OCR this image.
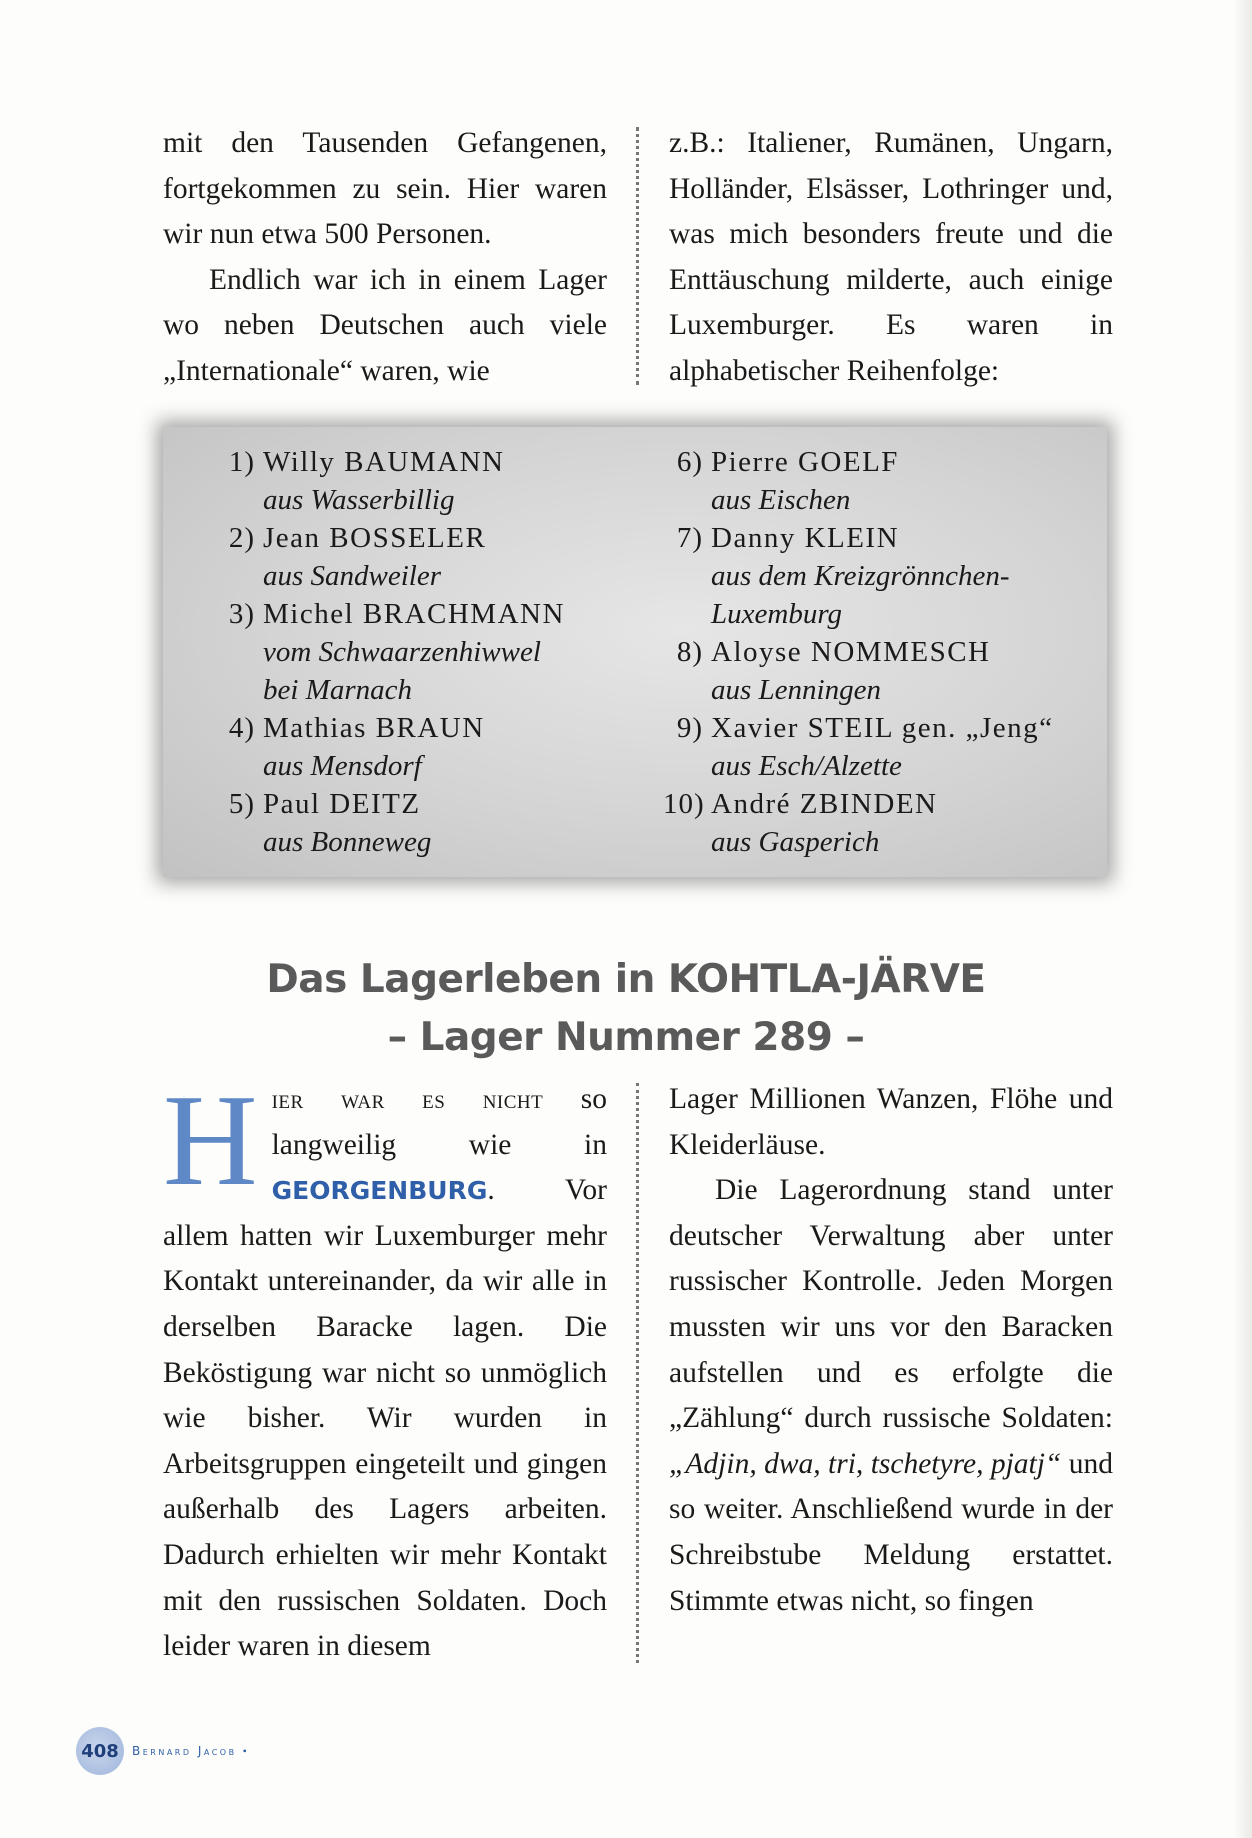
mit den Tausenden Gefangenen, fortgekommen zu sein. Hier waren wir nun etwa 500 Personen.

Endlich war ich in einem Lager wo neben Deutschen auch viele „Internationale“ waren, wie

z.B.: Italiener, Rumänen, Ungarn, Holländer, Elsässer, Lothringer und, was mich besonders freute und die Enttäuschung milderte, auch einige Luxemburger. Es waren in alphabetischer Reihenfolge:

1) Willy BAUMANN
aus Wasserbillig
2) Jean BOSSELER
aus Sandweiler
3) Michel BRACHMANN
vom Schwaarzenhiwwel
bei Marnach
4) Mathias BRAUN
aus Mensdorf
5) Paul DEITZ
aus Bonneweg
6) Pierre GOELF
aus Eischen
7) Danny KLEIN
aus dem Kreizgrönnchen-
Luxemburg
8) Aloyse NOMMESCH
aus Lenningen
9) Xavier STEIL gen. „Jeng“
aus Esch/Alzette
10) André ZBINDEN
aus Gasperich
Das Lagerleben in KOHTLA-JÄRVE
– Lager Nummer 289 –

Hier war es nicht so langweilig wie in GEORGENBURG. Vor allem hatten wir Luxemburger mehr Kontakt untereinander, da wir alle in derselben Baracke lagen. Die Beköstigung war nicht so unmöglich wie bisher. Wir wurden in Arbeitsgruppen eingeteilt und gingen außerhalb des Lagers arbeiten. Dadurch erhielten wir mehr Kontakt mit den russischen Soldaten. Doch leider waren in diesem

Lager Millionen Wanzen, Flöhe und Kleiderläuse.

Die Lagerordnung stand unter deutscher Verwaltung aber unter russischer Kontrolle. Jeden Morgen mussten wir uns vor den Baracken aufstellen und es erfolgte die „Zählung“ durch russische Soldaten: „Adjin, dwa, tri, tschetyre, pjatj“ und so weiter. Anschließend wurde in der Schreibstube Meldung erstattet. Stimmte etwas nicht, so fingen

408	Bernard Jacob •
